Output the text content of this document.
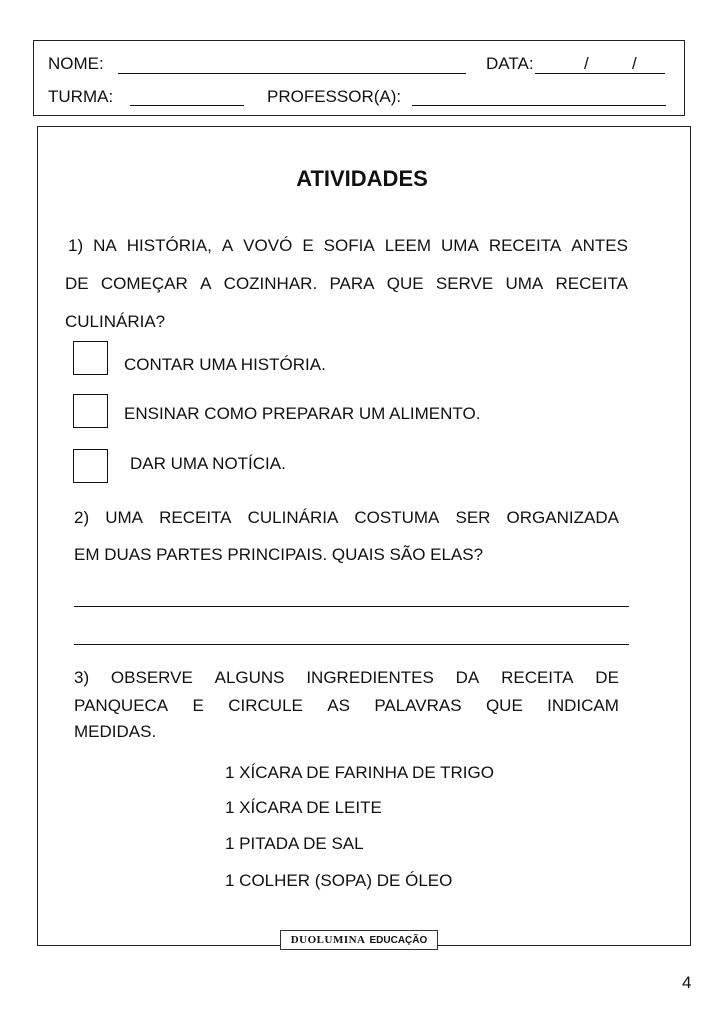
NOME:	DATA:	/	/
TURMA:	PROFESSOR(A):
ATIVIDADES
1) NA HISTÓRIA, A VOVÓ E SOFIA LEEM UMA RECEITA ANTES
DE COMEÇAR A COZINHAR. PARA QUE SERVE UMA RECEITA
CULINÁRIA?
CONTAR UMA HISTÓRIA.
ENSINAR COMO PREPARAR UM ALIMENTO.
DAR UMA NOTÍCIA.
2) UMA RECEITA CULINÁRIA COSTUMA SER ORGANIZADA
EM DUAS PARTES PRINCIPAIS. QUAIS SÃO ELAS?
3) OBSERVE ALGUNS INGREDIENTES DA RECEITA DE
PANQUECA E CIRCULE AS PALAVRAS QUE INDICAM
MEDIDAS.
1 XÍCARA DE FARINHA DE TRIGO
1 XÍCARA DE LEITE
1 PITADA DE SAL
1 COLHER (SOPA) DE ÓLEO
DUOLUMINA EDUCAÇÃO
4
